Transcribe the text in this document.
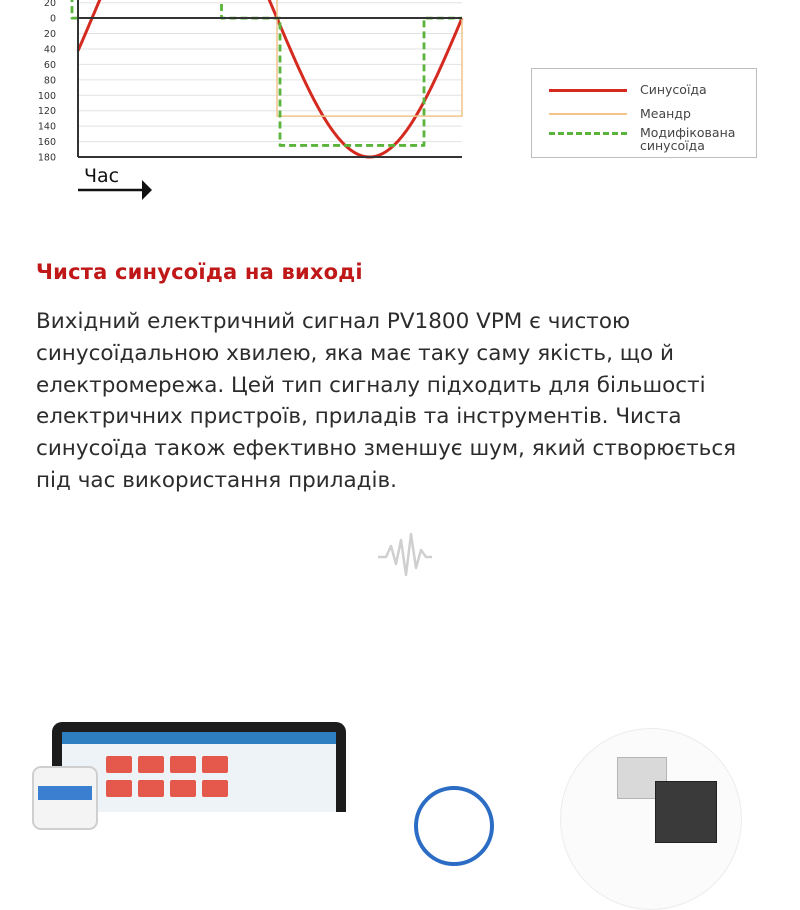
20
0
20
40
60
80
100
120
140
160
180
Час
Синусоїда
Меандр
Модифікована
синусоїда
Чиста синусоїда на виході

Вихідний електричний сигнал PV1800 VPM є чистою синусоїдальною хвилею, яка має таку саму якість, що й електромережа. Цей тип сигналу підходить для більшості електричних пристроїв, приладів та інструментів. Чиста синусоїда також ефективно зменшує шум, який створюється під час використання приладів.
